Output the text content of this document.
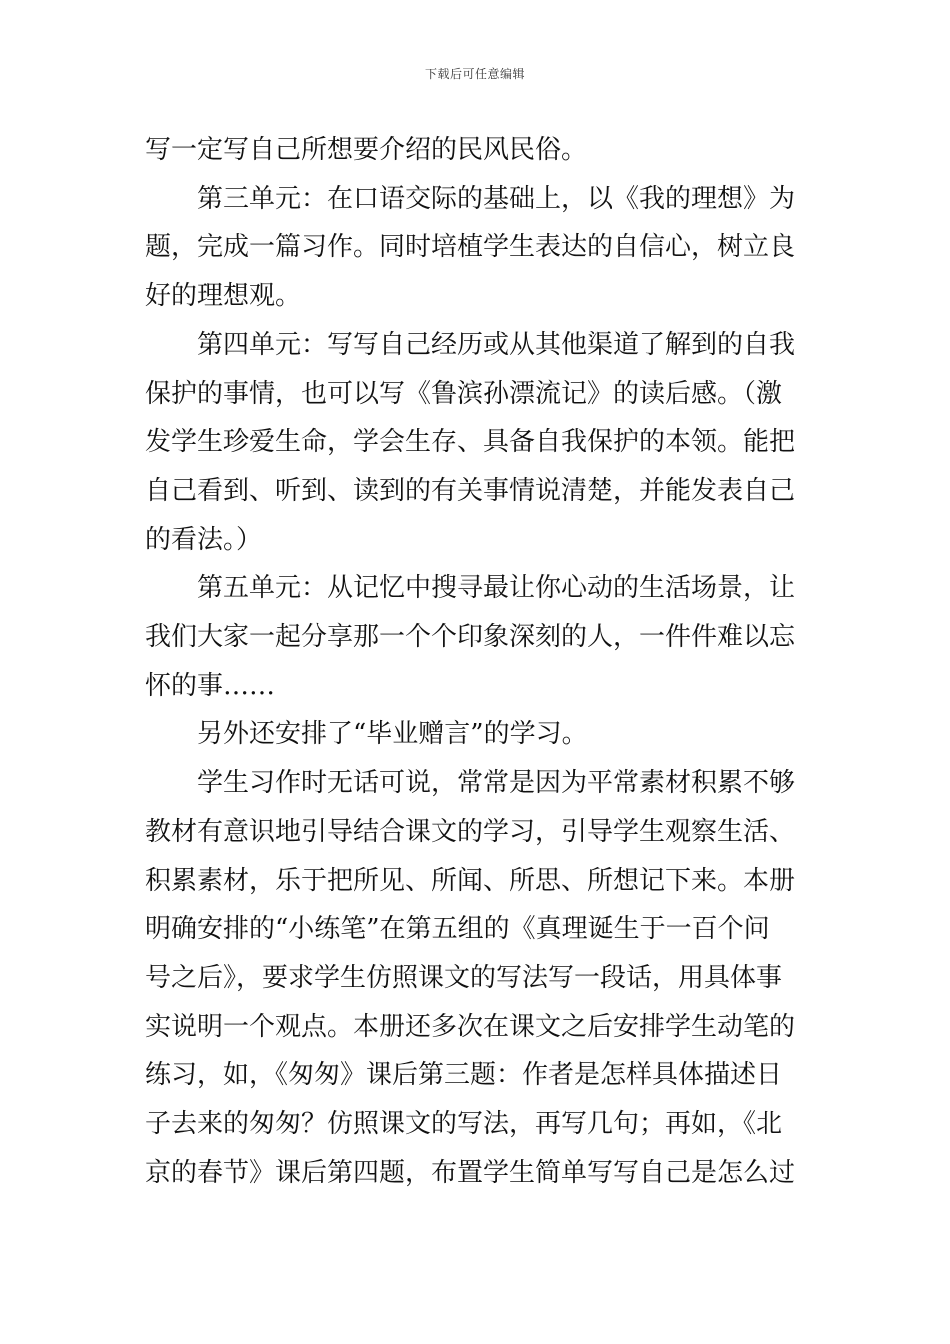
下载后可任意编辑

写一定写自己所想要介绍的民风民俗。

第三单元：在口语交际的基础上，以《我的理想》为

题，完成一篇习作。同时培植学生表达的自信心，树立良

好的理想观。

第四单元：写写自己经历或从其他渠道了解到的自我

保护的事情，也可以写《鲁滨孙漂流记》的读后感。（激

发学生珍爱生命，学会生存、具备自我保护的本领。能把

自己看到、听到、读到的有关事情说清楚，并能发表自己

的看法。）

第五单元：从记忆中搜寻最让你心动的生活场景，让

我们大家一起分享那一个个印象深刻的人，一件件难以忘

怀的事……

另外还安排了“毕业赠言”的学习。

学生习作时无话可说，常常是因为平常素材积累不够

教材有意识地引导结合课文的学习，引导学生观察生活、

积累素材，乐于把所见、所闻、所思、所想记下来。本册

明确安排的“小练笔”在第五组的《真理诞生于一百个问

号之后》，要求学生仿照课文的写法写一段话，用具体事

实说明一个观点。本册还多次在课文之后安排学生动笔的

练习，如，《匆匆》课后第三题：作者是怎样具体描述日

子去来的匆匆？仿照课文的写法，再写几句；再如，《北

京的春节》课后第四题，布置学生简单写写自己是怎么过
